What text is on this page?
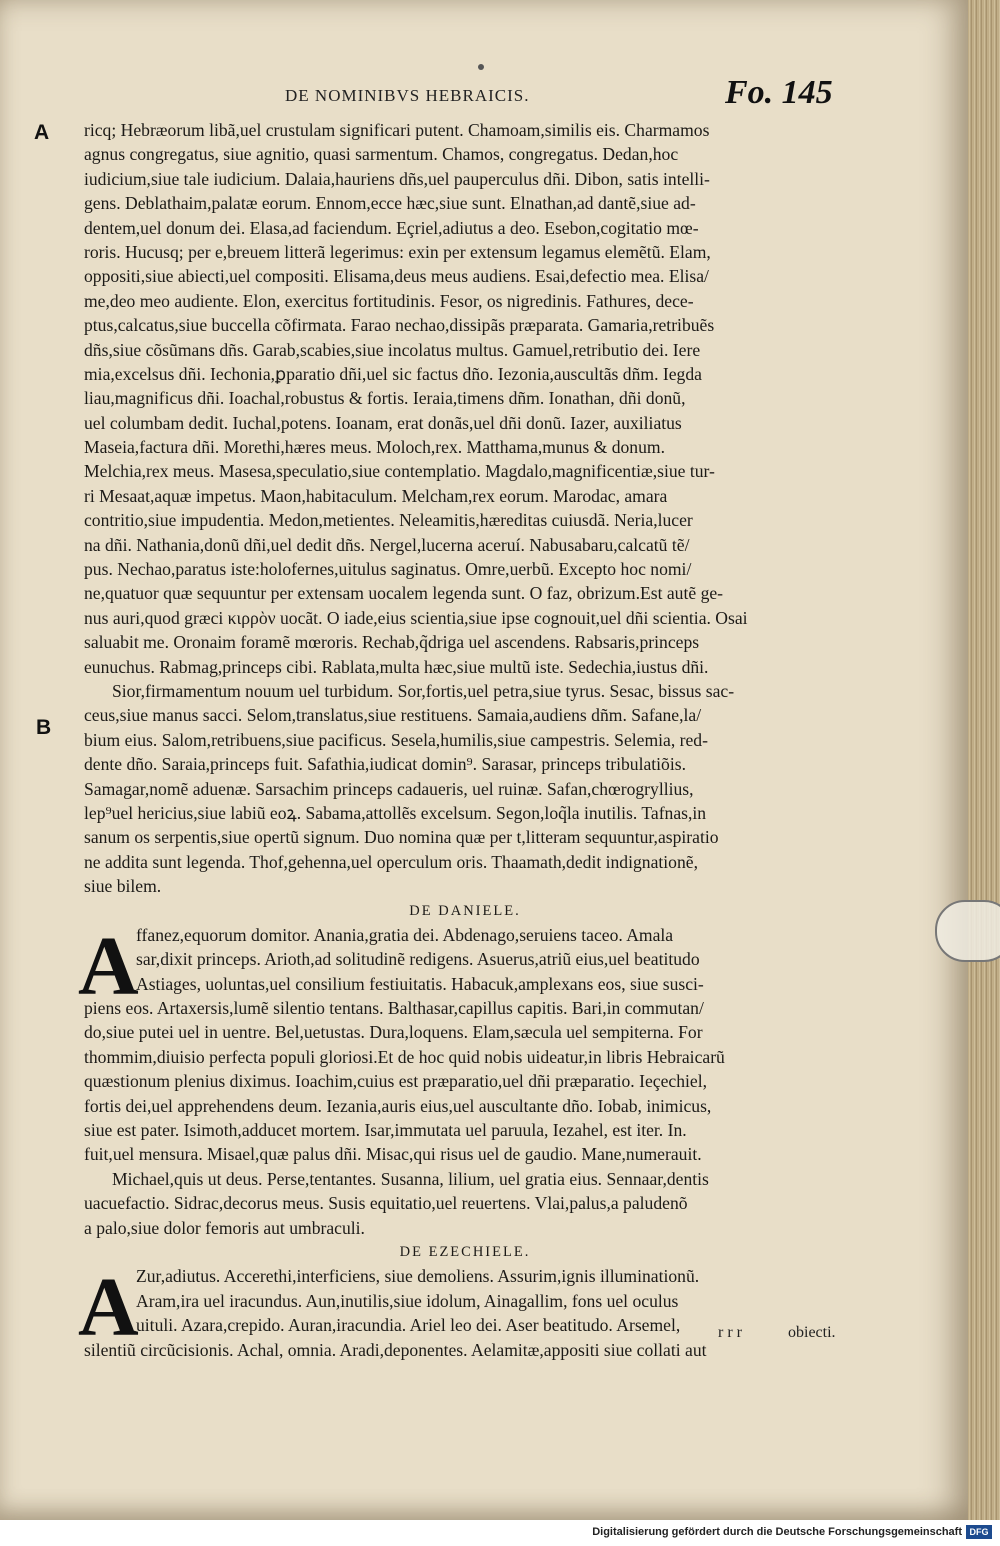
DE NOMINIBVS HEBRAICIS.	Fo. 145
A
B
ricq; Hebræorum libã,uel crustulam significari putent. Chamoam,similis eis. Charmamos
agnus congregatus, siue agnitio, quasi sarmentum. Chamos, congregatus. Dedan,hoc
iudicium,siue tale iudicium. Dalaia,hauriens dñs,uel pauperculus dñi. Dibon, satis intelli-
gens. Deblathaim,palatæ eorum. Ennom,ecce hæc,siue sunt. Elnathan,ad dantẽ,siue ad-
dentem,uel donum dei. Elasa,ad faciendum. Eçriel,adiutus a deo. Esebon,cogitatio mœ-
roris. Hucusq; per e,breuem litterã legerimus: exin per extensum legamus elemẽtũ. Elam,
oppositi,siue abiecti,uel compositi. Elisama,deus meus audiens. Esai,defectio mea. Elisa/
me,deo meo audiente. Elon, exercitus fortitudinis. Fesor, os nigredinis. Fathures, dece-
ptus,calcatus,siue buccella cõfirmata. Farao nechao,dissipãs præparata. Gamaria,retribuẽs
dñs,siue cõsũmans dñs. Garab,scabies,siue incolatus multus. Gamuel,retributio dei. Iere
mia,excelsus dñi. Iechonia,ꝑparatio dñi,uel sic factus dño. Iezonia,auscultãs dñm. Iegda
liau,magnificus dñi. Ioachal,robustus & fortis. Ieraia,timens dñm. Ionathan, dñi donũ,
uel columbam dedit. Iuchal,potens. Ioanam, erat donãs,uel dñi donũ. Iazer, auxiliatus
Maseia,factura dñi. Morethi,hæres meus. Moloch,rex. Matthama,munus & donum.
Melchia,rex meus. Masesa,speculatio,siue contemplatio. Magdalo,magnificentiæ,siue tur-
ri Mesaat,aquæ impetus. Maon,habitaculum. Melcham,rex eorum. Marodac, amara
contritio,siue impudentia. Medon,metientes. Neleamitis,hæreditas cuiusdã. Neria,lucer
na dñi. Nathania,donũ dñi,uel dedit dñs. Nergel,lucerna aceruí. Nabusabaru,calcatũ tẽ/
pus. Nechao,paratus iste:holofernes,uitulus saginatus. Omre,uerbũ. Excepto hoc nomi/
ne,quatuor quæ sequuntur per extensam uocalem legenda sunt. O faz, obrizum.Est autẽ ge-
nus auri,quod græci κιρρὸν uocãt. O iade,eius scientia,siue ipse cognouit,uel dñi scientia. Osai
saluabit me. Oronaim foramẽ mœroris. Rechab,q̃driga uel ascendens. Rabsaris,princeps
eunuchus. Rabmag,princeps cibi. Rablata,multa hæc,siue multũ iste. Sedechia,iustus dñi.
Sior,firmamentum nouum uel turbidum. Sor,fortis,uel petra,siue tyrus. Sesac, bissus sac-
ceus,siue manus sacci. Selom,translatus,siue restituens. Samaia,audiens dñm. Safane,la/
bium eius. Salom,retribuens,siue pacificus. Sesela,humilis,siue campestris. Selemia, red-
dente dño. Saraia,princeps fuit. Safathia,iudicat domin⁹. Sarasar, princeps tribulatiõis.
Samagar,nomẽ aduenæ. Sarsachim princeps cadaueris, uel ruinæ. Safan,chœrogryllius,
lep⁹uel hericius,siue labiũ eoꝝ. Sabama,attollẽs excelsum. Segon,loq̃la inutilis. Tafnas,in
sanum os serpentis,siue opertũ signum. Duo nomina quæ per t,litteram sequuntur,aspiratio
ne addita sunt legenda. Thof,gehenna,uel operculum oris. Thaamath,dedit indignationẽ,
siue bilem.
DE DANIELE.
A
ffanez,equorum domitor. Anania,gratia dei. Abdenago,seruiens taceo. Amala
sar,dixit princeps. Arioth,ad solitudinẽ redigens. Asuerus,atriũ eius,uel beatitudo
Astiages, uoluntas,uel consilium festiuitatis. Habacuk,amplexans eos, siue susci-
piens eos. Artaxersis,lumẽ silentio tentans. Balthasar,capillus capitis. Bari,in commutan/
do,siue putei uel in uentre. Bel,uetustas. Dura,loquens. Elam,sæcula uel sempiterna. For
thommim,diuisio perfecta populi gloriosi.Et de hoc quid nobis uideatur,in libris Hebraicarũ
quæstionum plenius diximus. Ioachim,cuius est præparatio,uel dñi præparatio. Ieçechiel,
fortis dei,uel apprehendens deum. Iezania,auris eius,uel auscultante dño. Iobab, inimicus,
siue est pater. Isimoth,adducet mortem. Isar,immutata uel paruula, Iezahel, est iter. In.
fuit,uel mensura. Misael,quæ palus dñi. Misac,qui risus uel de gaudio. Mane,numerauit.
Michael,quis ut deus. Perse,tentantes. Susanna, lilium, uel gratia eius. Sennaar,dentis
uacuefactio. Sidrac,decorus meus. Susis equitatio,uel reuertens. Vlai,palus,a paludenõ
a palo,siue dolor femoris aut umbraculi.
DE EZECHIELE.
A
Zur,adiutus. Accerethi,interficiens, siue demoliens. Assurim,ignis illuminationũ.
Aram,ira uel iracundus. Aun,inutilis,siue idolum, Ainagallim, fons uel oculus
uituli. Azara,crepido. Auran,iracundia. Ariel leo dei. Aser beatitudo. Arsemel,
silentiũ circũcisionis. Achal, omnia. Aradi,deponentes. Aelamitæ,appositi siue collati aut
r r r	obiecti.
Digitalisierung gefördert durch die Deutsche Forschungsgemeinschaft DFG
